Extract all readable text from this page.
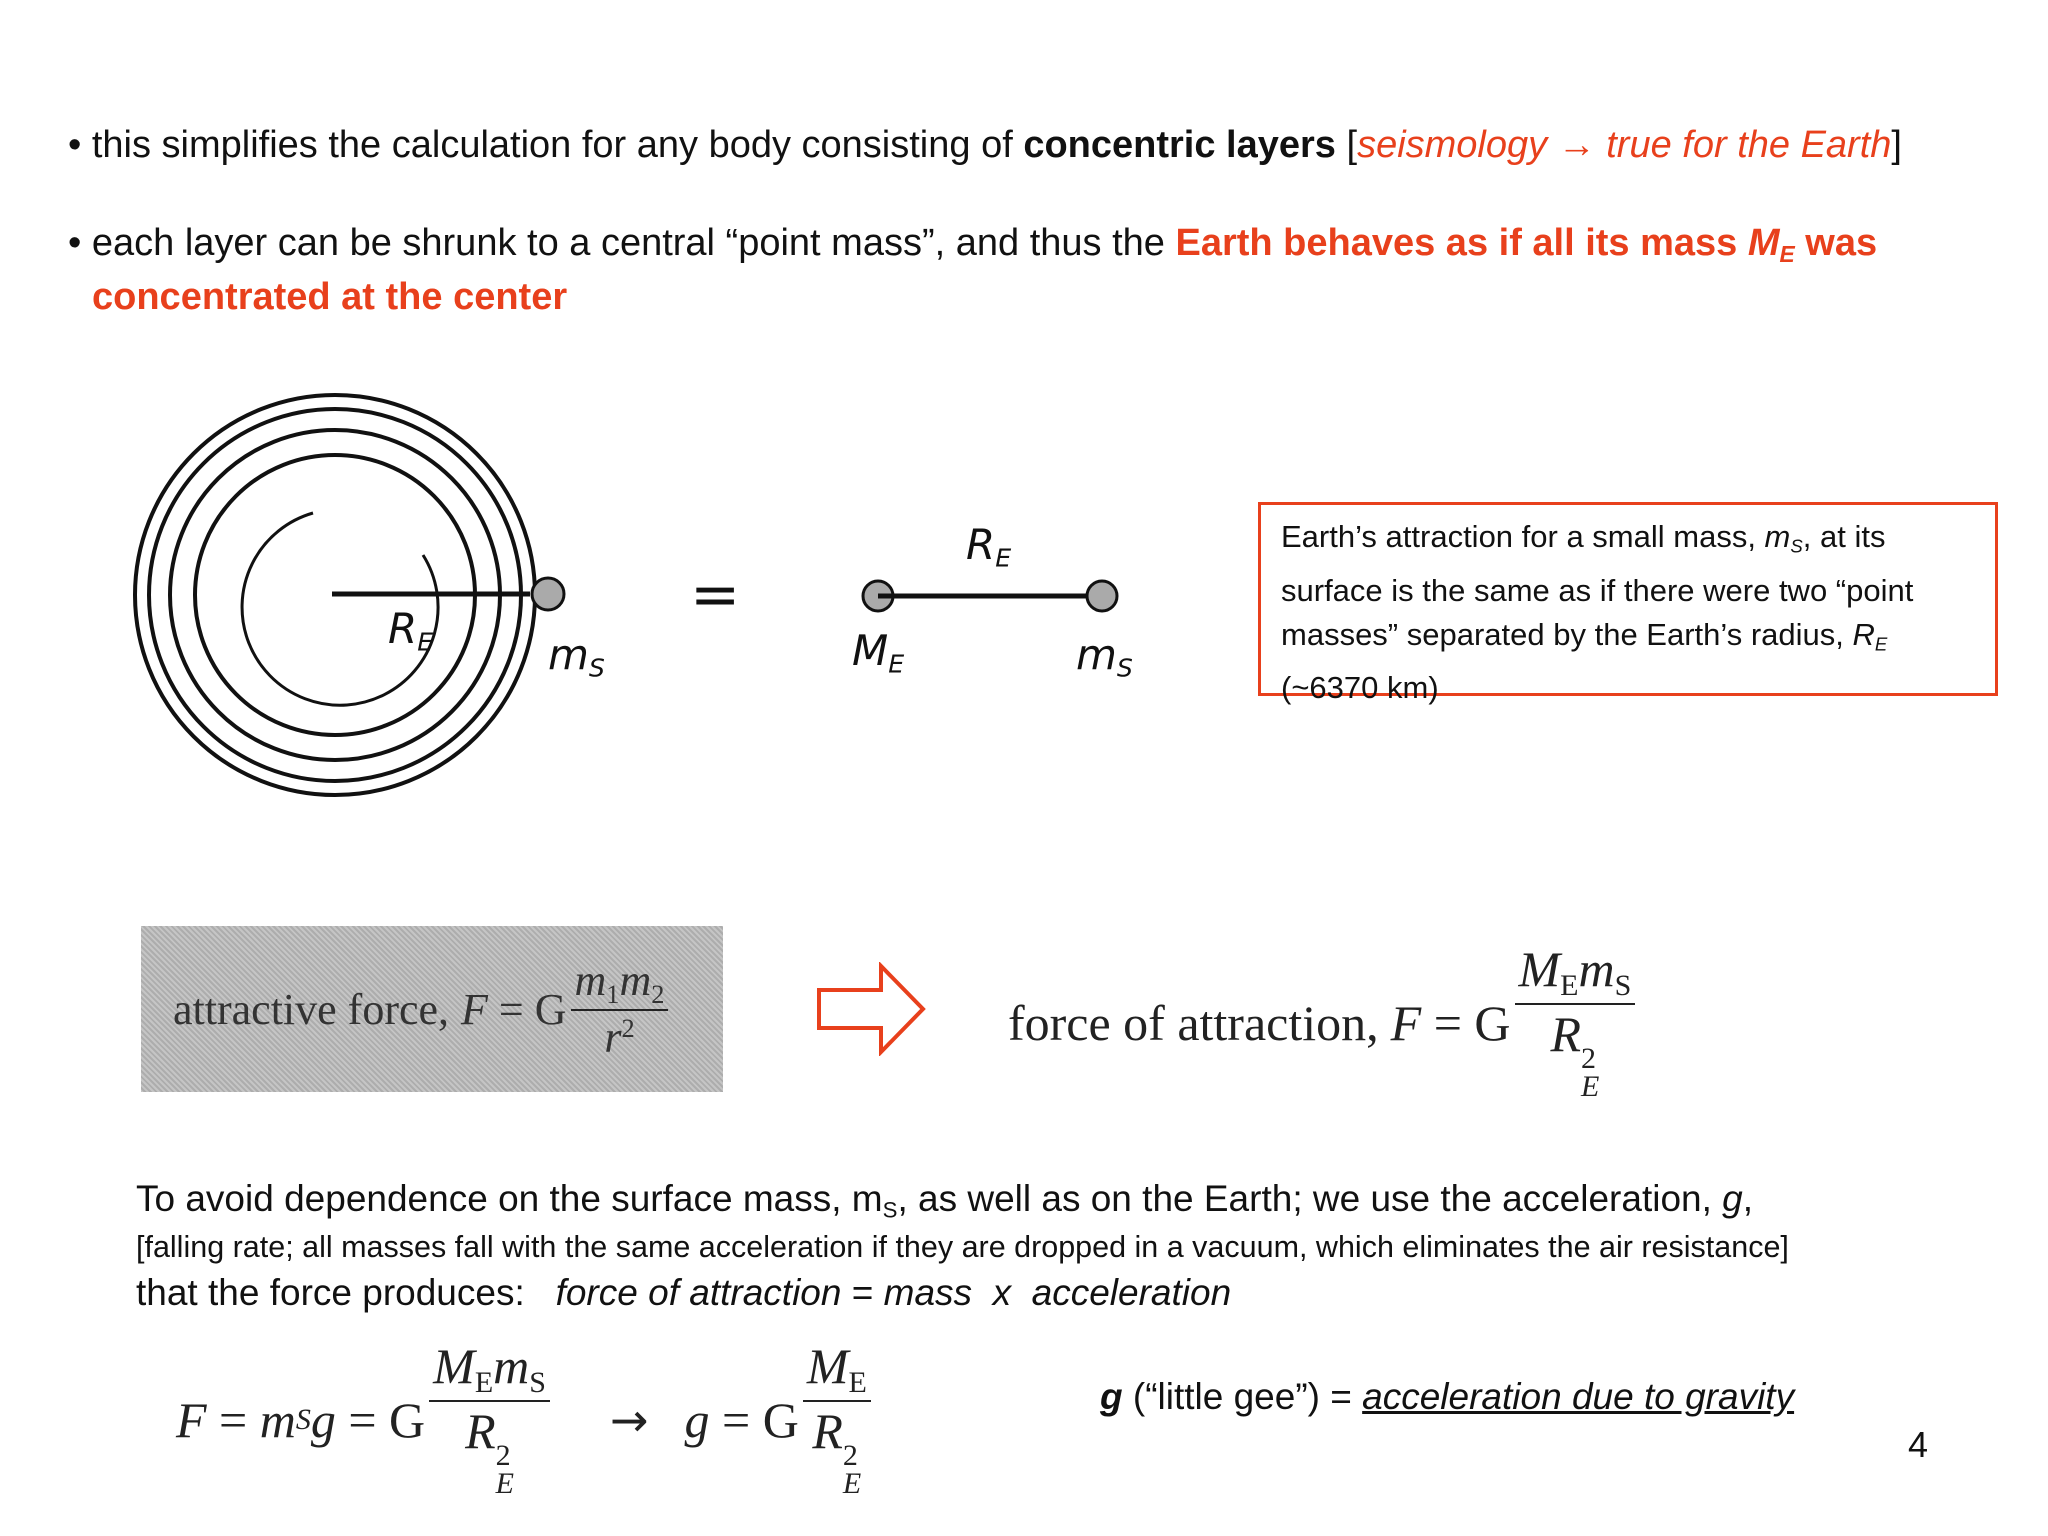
• this simplifies the calculation for any body consisting of concentric layers [seismology → true for the Earth]
• each layer can be shrunk to a central “point mass”, and thus the Earth behaves as if all its mass $M_E$ was
concentrated at the center
$R_E$	$m_S$
=
$R_E$
$M_E$	$m_S$
Earth’s attraction for a small mass, $m_S$, at its
surface is the same as if there were two “point
masses” separated by the Earth’s radius, $R_E$
(~6370 km)
attractive force, F = G $\frac{m_1m_2}{r^2}$	force of attraction, F = G $M_Em_S$
R 2
E
To avoid dependence on the surface mass, $m_S$, as well as on the Earth; we use the acceleration, g,
[falling rate; all masses fall with the same acceleration if they are dropped in a vacuum, which eliminates the air resistance]
that the force produces:   force of attraction = mass  x  acceleration
F = m S g = G $M_Em_S$
R 2
E → g = G $M_E$
R 2
E	g (“little gee”) = acceleration due to gravity
4
